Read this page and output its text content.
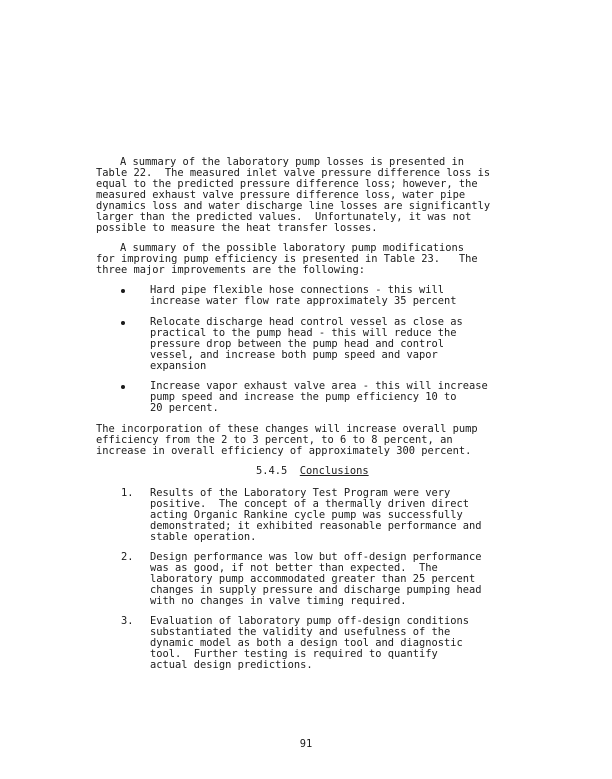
A summary of the laboratory pump losses is presented in

Table 22.  The measured inlet valve pressure difference loss is

equal to the predicted pressure difference loss; however, the

measured exhaust valve pressure difference loss, water pipe

dynamics loss and water discharge line losses are significantly

larger than the predicted values.  Unfortunately, it was not

possible to measure the heat transfer losses.

A summary of the possible laboratory pump modifications

for improving pump efficiency is presented in Table 23.   The

three major improvements are the following:

Hard pipe flexible hose connections - this will

increase water flow rate approximately 35 percent

Relocate discharge head control vessel as close as

practical to the pump head - this will reduce the

pressure drop between the pump head and control

vessel, and increase both pump speed and vapor

expansion

Increase vapor exhaust valve area - this will increase

pump speed and increase the pump efficiency 10 to

20 percent.

The incorporation of these changes will increase overall pump

efficiency from the 2 to 3 percent, to 6 to 8 percent, an

increase in overall efficiency of approximately 300 percent.

5.4.5 Conclusions

1. Results of the Laboratory Test Program were very

positive.  The concept of a thermally driven direct

acting Organic Rankine cycle pump was successfully

demonstrated; it exhibited reasonable performance and

stable operation.

2. Design performance was low but off-design performance

was as good, if not better than expected.  The

laboratory pump accommodated greater than 25 percent

changes in supply pressure and discharge pumping head

with no changes in valve timing required.

3. Evaluation of laboratory pump off-design conditions

substantiated the validity and usefulness of the

dynamic model as both a design tool and diagnostic

tool.  Further testing is required to quantify

actual design predictions.

91
